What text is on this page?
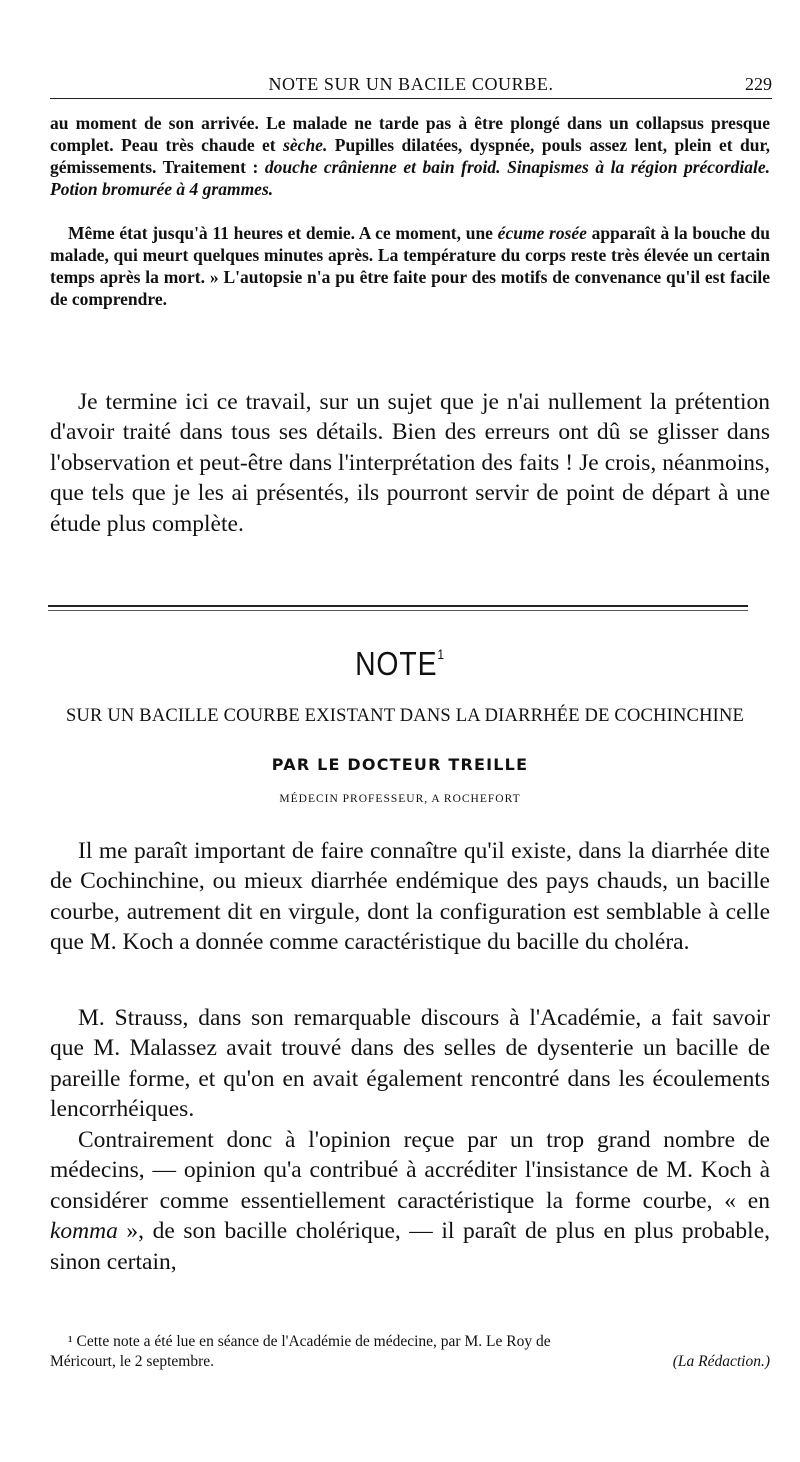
NOTE SUR UN BACILE COURBE.	229

au moment de son arrivée. Le malade ne tarde pas à être plongé dans un collapsus presque complet. Peau très chaude et sèche. Pupilles dilatées, dyspnée, pouls assez lent, plein et dur, gémissements. Traitement : douche crânienne et bain froid. Sinapismes à la région précordiale. Potion bromurée à 4 grammes.

Même état jusqu'à 11 heures et demie. A ce moment, une écume rosée apparaît à la bouche du malade, qui meurt quelques minutes après. La température du corps reste très élevée un certain temps après la mort. » L'autopsie n'a pu être faite pour des motifs de convenance qu'il est facile de comprendre.

Je termine ici ce travail, sur un sujet que je n'ai nullement la prétention d'avoir traité dans tous ses détails. Bien des erreurs ont dû se glisser dans l'observation et peut-être dans l'interprétation des faits ! Je crois, néanmoins, que tels que je les ai présentés, ils pourront servir de point de départ à une étude plus complète.

NOTE$^1$
SUR UN BACILLE COURBE EXISTANT DANS LA DIARRHÉE DE COCHINCHINE
PAR LE DOCTEUR TREILLE
MÉDECIN PROFESSEUR, A ROCHEFORT

Il me paraît important de faire connaître qu'il existe, dans la diarrhée dite de Cochinchine, ou mieux diarrhée endémique des pays chauds, un bacille courbe, autrement dit en virgule, dont la configuration est semblable à celle que M. Koch a donnée comme caractéristique du bacille du choléra.

M. Strauss, dans son remarquable discours à l'Académie, a fait savoir que M. Malassez avait trouvé dans des selles de dysenterie un bacille de pareille forme, et qu'on en avait également rencontré dans les écoulements lencorrhéiques.

Contrairement donc à l'opinion reçue par un trop grand nombre de médecins, — opinion qu'a contribué à accréditer l'insistance de M. Koch à considérer comme essentiellement caractéristique la forme courbe, « en komma », de son bacille cholérique, — il paraît de plus en plus probable, sinon certain,

¹ Cette note a été lue en séance de l'Académie de médecine, par M. Le Roy de
Méricourt, le 2 septembre.	(La Rédaction.)
